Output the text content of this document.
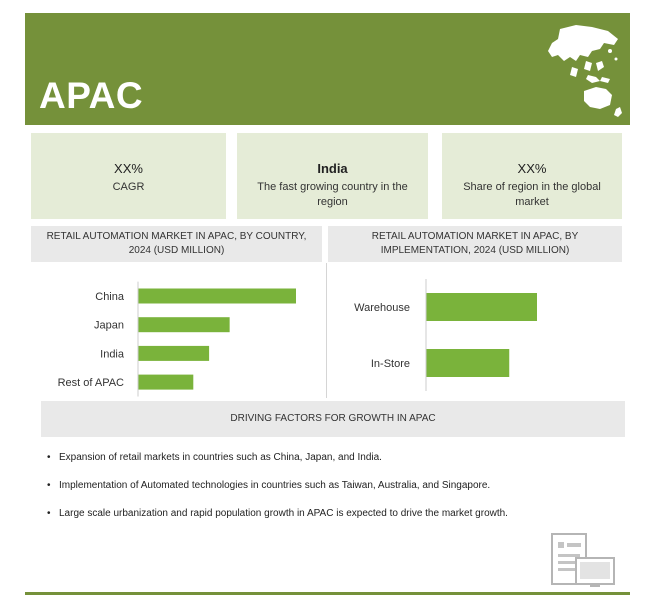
APAC
XX%
CAGR
India
The fast growing country in the region
XX%
Share of region in the global market
RETAIL AUTOMATION MARKET IN APAC, BY COUNTRY, 2024 (USD MILLION)
RETAIL AUTOMATION MARKET IN APAC, BY IMPLEMENTATION, 2024 (USD MILLION)
China
Japan
India
Rest of APAC
Warehouse
In-Store
DRIVING FACTORS FOR GROWTH IN APAC
• Expansion of retail markets in countries such as China, Japan, and India.
• Implementation of Automated technologies in countries such as Taiwan, Australia, and Singapore.
• Large scale urbanization and rapid population growth in APAC is expected to drive the market growth.
